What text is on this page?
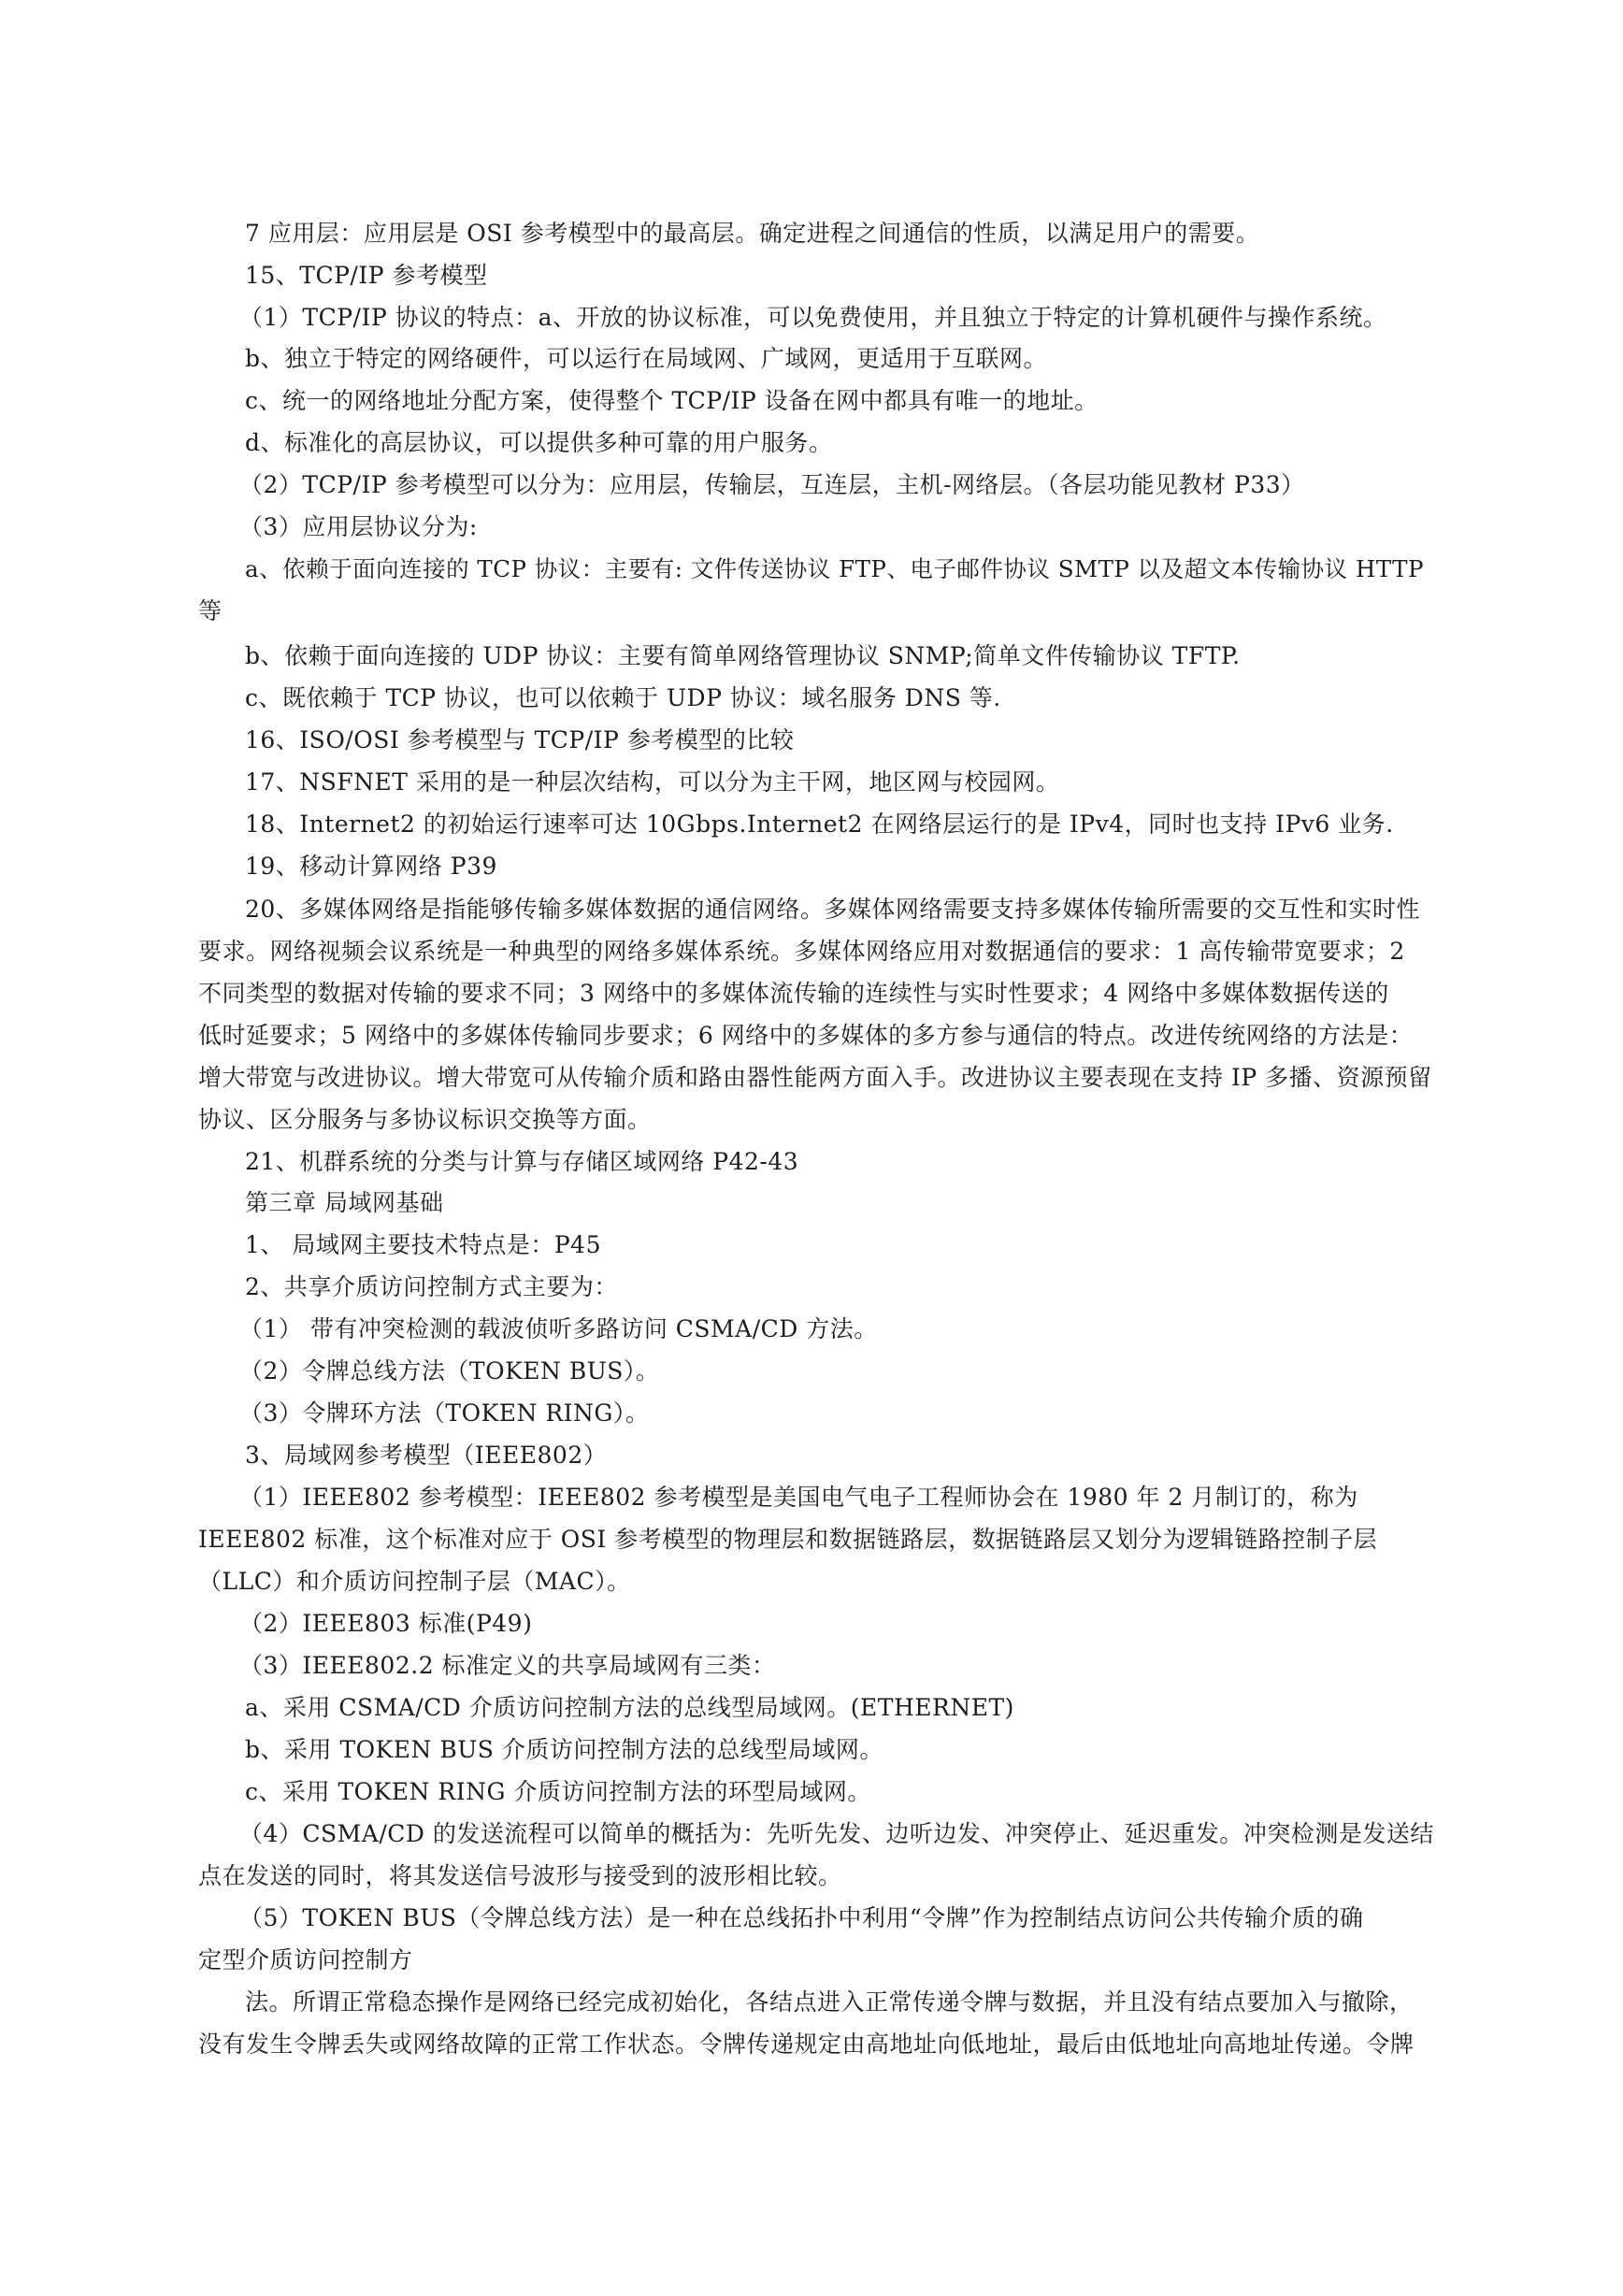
7 应用层：应用层是 OSI 参考模型中的最高层。确定进程之间通信的性质，以满足用户的需要。
15、TCP/IP 参考模型
（1）TCP/IP 协议的特点：a、开放的协议标准，可以免费使用，并且独立于特定的计算机硬件与操作系统。
b、独立于特定的网络硬件，可以运行在局域网、广域网，更适用于互联网。
c、统一的网络地址分配方案，使得整个 TCP/IP 设备在网中都具有唯一的地址。
d、标准化的高层协议，可以提供多种可靠的用户服务。
（2）TCP/IP 参考模型可以分为：应用层，传输层，互连层，主机-网络层。（各层功能见教材 P33）
（3）应用层协议分为:
a、依赖于面向连接的 TCP 协议：主要有: 文件传送协议 FTP、电子邮件协议 SMTP 以及超文本传输协议 HTTP
等
b、依赖于面向连接的 UDP 协议：主要有简单网络管理协议 SNMP;简单文件传输协议 TFTP.
c、既依赖于 TCP 协议，也可以依赖于 UDP 协议：域名服务 DNS 等.
16、ISO/OSI 参考模型与 TCP/IP 参考模型的比较
17、NSFNET 采用的是一种层次结构，可以分为主干网，地区网与校园网。
18、Internet2 的初始运行速率可达 10Gbps.Internet2 在网络层运行的是 IPv4，同时也支持 IPv6 业务.
19、移动计算网络 P39
20、多媒体网络是指能够传输多媒体数据的通信网络。多媒体网络需要支持多媒体传输所需要的交互性和实时性
要求。网络视频会议系统是一种典型的网络多媒体系统。多媒体网络应用对数据通信的要求：1 高传输带宽要求；2
不同类型的数据对传输的要求不同；3 网络中的多媒体流传输的连续性与实时性要求；4 网络中多媒体数据传送的
低时延要求；5 网络中的多媒体传输同步要求；6 网络中的多媒体的多方参与通信的特点。改进传统网络的方法是：
增大带宽与改进协议。增大带宽可从传输介质和路由器性能两方面入手。改进协议主要表现在支持 IP 多播、资源预留
协议、区分服务与多协议标识交换等方面。
21、机群系统的分类与计算与存储区域网络 P42-43
第三章 局域网基础
1、 局域网主要技术特点是：P45
2、共享介质访问控制方式主要为：
（1） 带有冲突检测的载波侦听多路访问 CSMA/CD 方法。
（2）令牌总线方法（TOKEN BUS）。
（3）令牌环方法（TOKEN RING）。
3、局域网参考模型（IEEE802）
（1）IEEE802 参考模型：IEEE802 参考模型是美国电气电子工程师协会在 1980 年 2 月制订的，称为
IEEE802 标准，这个标准对应于 OSI 参考模型的物理层和数据链路层，数据链路层又划分为逻辑链路控制子层
（LLC）和介质访问控制子层（MAC）。
（2）IEEE803 标准(P49)
（3）IEEE802.2 标准定义的共享局域网有三类：
a、采用 CSMA/CD 介质访问控制方法的总线型局域网。(ETHERNET)
b、采用 TOKEN BUS 介质访问控制方法的总线型局域网。
c、采用 TOKEN RING 介质访问控制方法的环型局域网。
（4）CSMA/CD 的发送流程可以简单的概括为：先听先发、边听边发、冲突停止、延迟重发。冲突检测是发送结
点在发送的同时，将其发送信号波形与接受到的波形相比较。
（5）TOKEN BUS（令牌总线方法）是一种在总线拓扑中利用“令牌”作为控制结点访问公共传输介质的确
定型介质访问控制方
法。所谓正常稳态操作是网络已经完成初始化，各结点进入正常传递令牌与数据，并且没有结点要加入与撤除，
没有发生令牌丢失或网络故障的正常工作状态。令牌传递规定由高地址向低地址，最后由低地址向高地址传递。令牌
